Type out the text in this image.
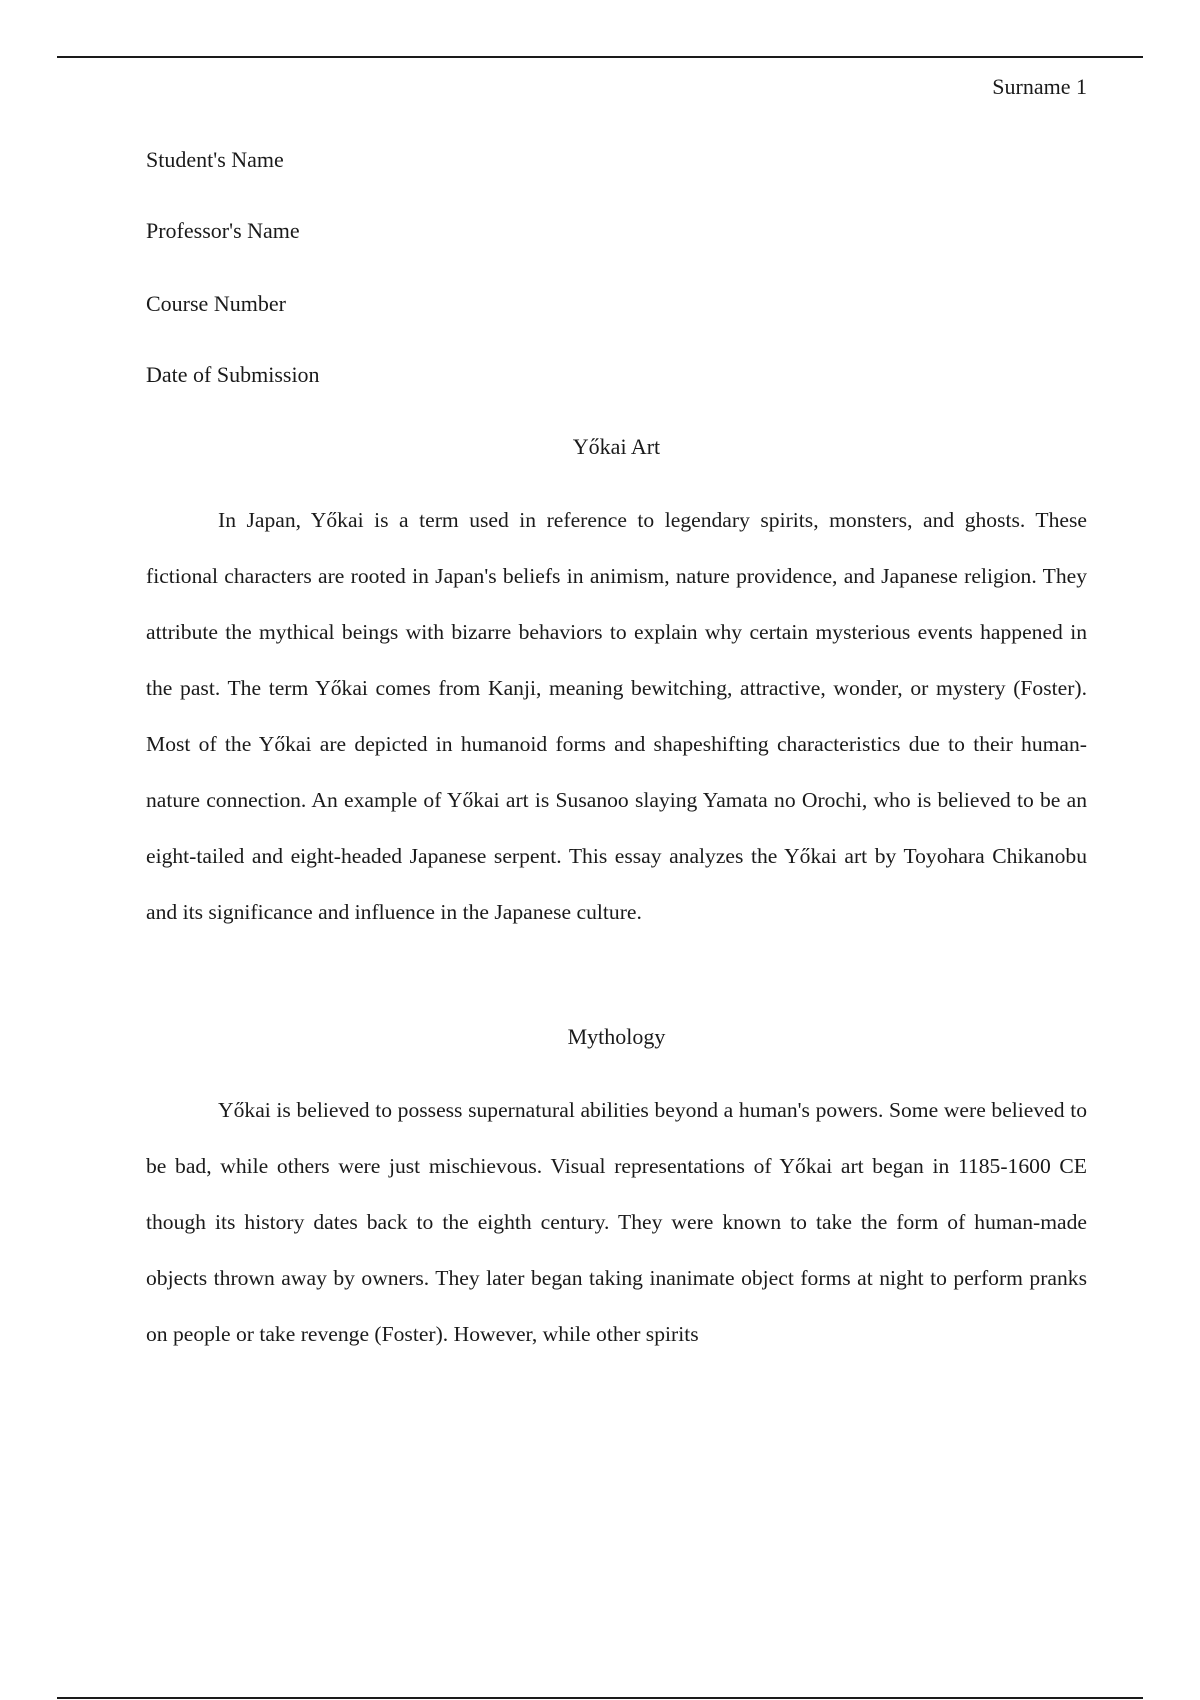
Surname 1
Student's Name
Professor's Name
Course Number
Date of Submission
Yőkai Art

In Japan, Yőkai is a term used in reference to legendary spirits, monsters, and ghosts. These fictional characters are rooted in Japan's beliefs in animism, nature providence, and Japanese religion. They attribute the mythical beings with bizarre behaviors to explain why certain mysterious events happened in the past. The term Yőkai comes from Kanji, meaning bewitching, attractive, wonder, or mystery (Foster). Most of the Yőkai are depicted in humanoid forms and shapeshifting characteristics due to their human-nature connection. An example of Yőkai art is Susanoo slaying Yamata no Orochi, who is believed to be an eight-tailed and eight-headed Japanese serpent. This essay analyzes the Yőkai art by Toyohara Chikanobu and its significance and influence in the Japanese culture.

Mythology

Yőkai is believed to possess supernatural abilities beyond a human's powers. Some were believed to be bad, while others were just mischievous. Visual representations of Yőkai art began in 1185-1600 CE though its history dates back to the eighth century. They were known to take the form of human-made objects thrown away by owners. They later began taking inanimate object forms at night to perform pranks on people or take revenge (Foster). However, while other spirits
